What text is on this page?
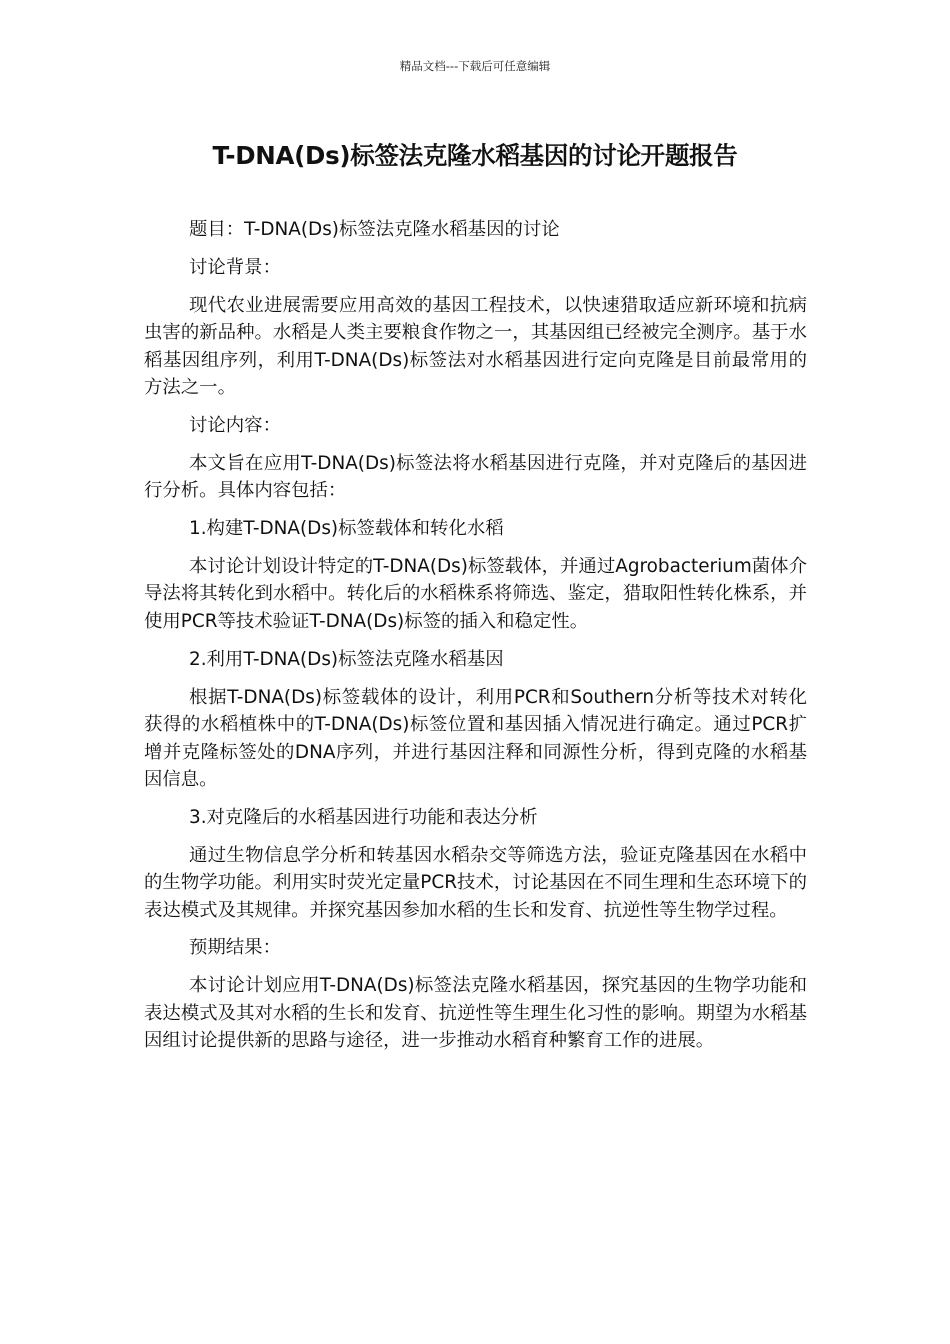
精品文档---下载后可任意编辑
T-DNA(Ds)标签法克隆水稻基因的讨论开题报告

题目：T-DNA(Ds)标签法克隆水稻基因的讨论

讨论背景：

现代农业进展需要应用高效的基因工程技术，以快速猎取适应新环境和抗病虫害的新品种。水稻是人类主要粮食作物之一，其基因组已经被完全测序。基于水稻基因组序列，利用T-DNA(Ds)标签法对水稻基因进行定向克隆是目前最常用的方法之一。

讨论内容：

本文旨在应用T-DNA(Ds)标签法将水稻基因进行克隆，并对克隆后的基因进行分析。具体内容包括：

1.构建T-DNA(Ds)标签载体和转化水稻

本讨论计划设计特定的T-DNA(Ds)标签载体，并通过Agrobacterium菌体介导法将其转化到水稻中。转化后的水稻株系将筛选、鉴定，猎取阳性转化株系，并使用PCR等技术验证T-DNA(Ds)标签的插入和稳定性。

2.利用T-DNA(Ds)标签法克隆水稻基因

根据T-DNA(Ds)标签载体的设计，利用PCR和Southern分析等技术对转化获得的水稻植株中的T-DNA(Ds)标签位置和基因插入情况进行确定。通过PCR扩增并克隆标签处的DNA序列，并进行基因注释和同源性分析，得到克隆的水稻基因信息。

3.对克隆后的水稻基因进行功能和表达分析

通过生物信息学分析和转基因水稻杂交等筛选方法，验证克隆基因在水稻中的生物学功能。利用实时荧光定量PCR技术，讨论基因在不同生理和生态环境下的表达模式及其规律。并探究基因参加水稻的生长和发育、抗逆性等生物学过程。

预期结果：

本讨论计划应用T-DNA(Ds)标签法克隆水稻基因，探究基因的生物学功能和表达模式及其对水稻的生长和发育、抗逆性等生理生化习性的影响。期望为水稻基因组讨论提供新的思路与途径，进一步推动水稻育种繁育工作的进展。
